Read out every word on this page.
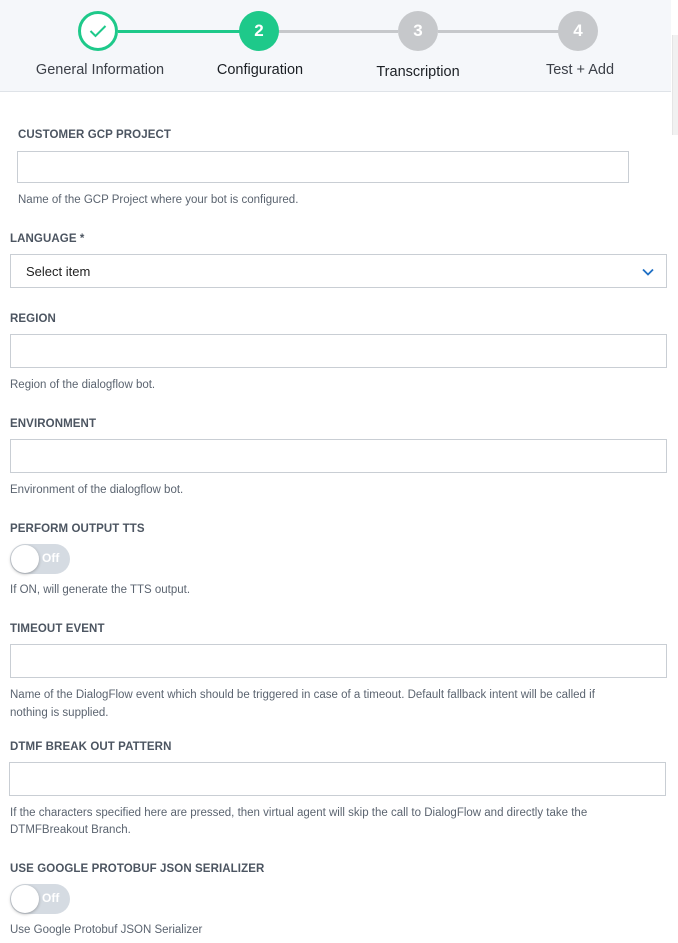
2	3	4
General Information	Configuration	Transcription	Test + Add
CUSTOMER GCP PROJECT
Name of the GCP Project where your bot is configured.
LANGUAGE *
Select item
REGION
Region of the dialogflow bot.
ENVIRONMENT
Environment of the dialogflow bot.
PERFORM OUTPUT TTS
Off
If ON, will generate the TTS output.
TIMEOUT EVENT
Name of the DialogFlow event which should be triggered in case of a timeout. Default fallback intent will be called if
nothing is supplied.
DTMF BREAK OUT PATTERN
If the characters specified here are pressed, then virtual agent will skip the call to DialogFlow and directly take the
DTMFBreakout Branch.
USE GOOGLE PROTOBUF JSON SERIALIZER
Off
Use Google Protobuf JSON Serializer
